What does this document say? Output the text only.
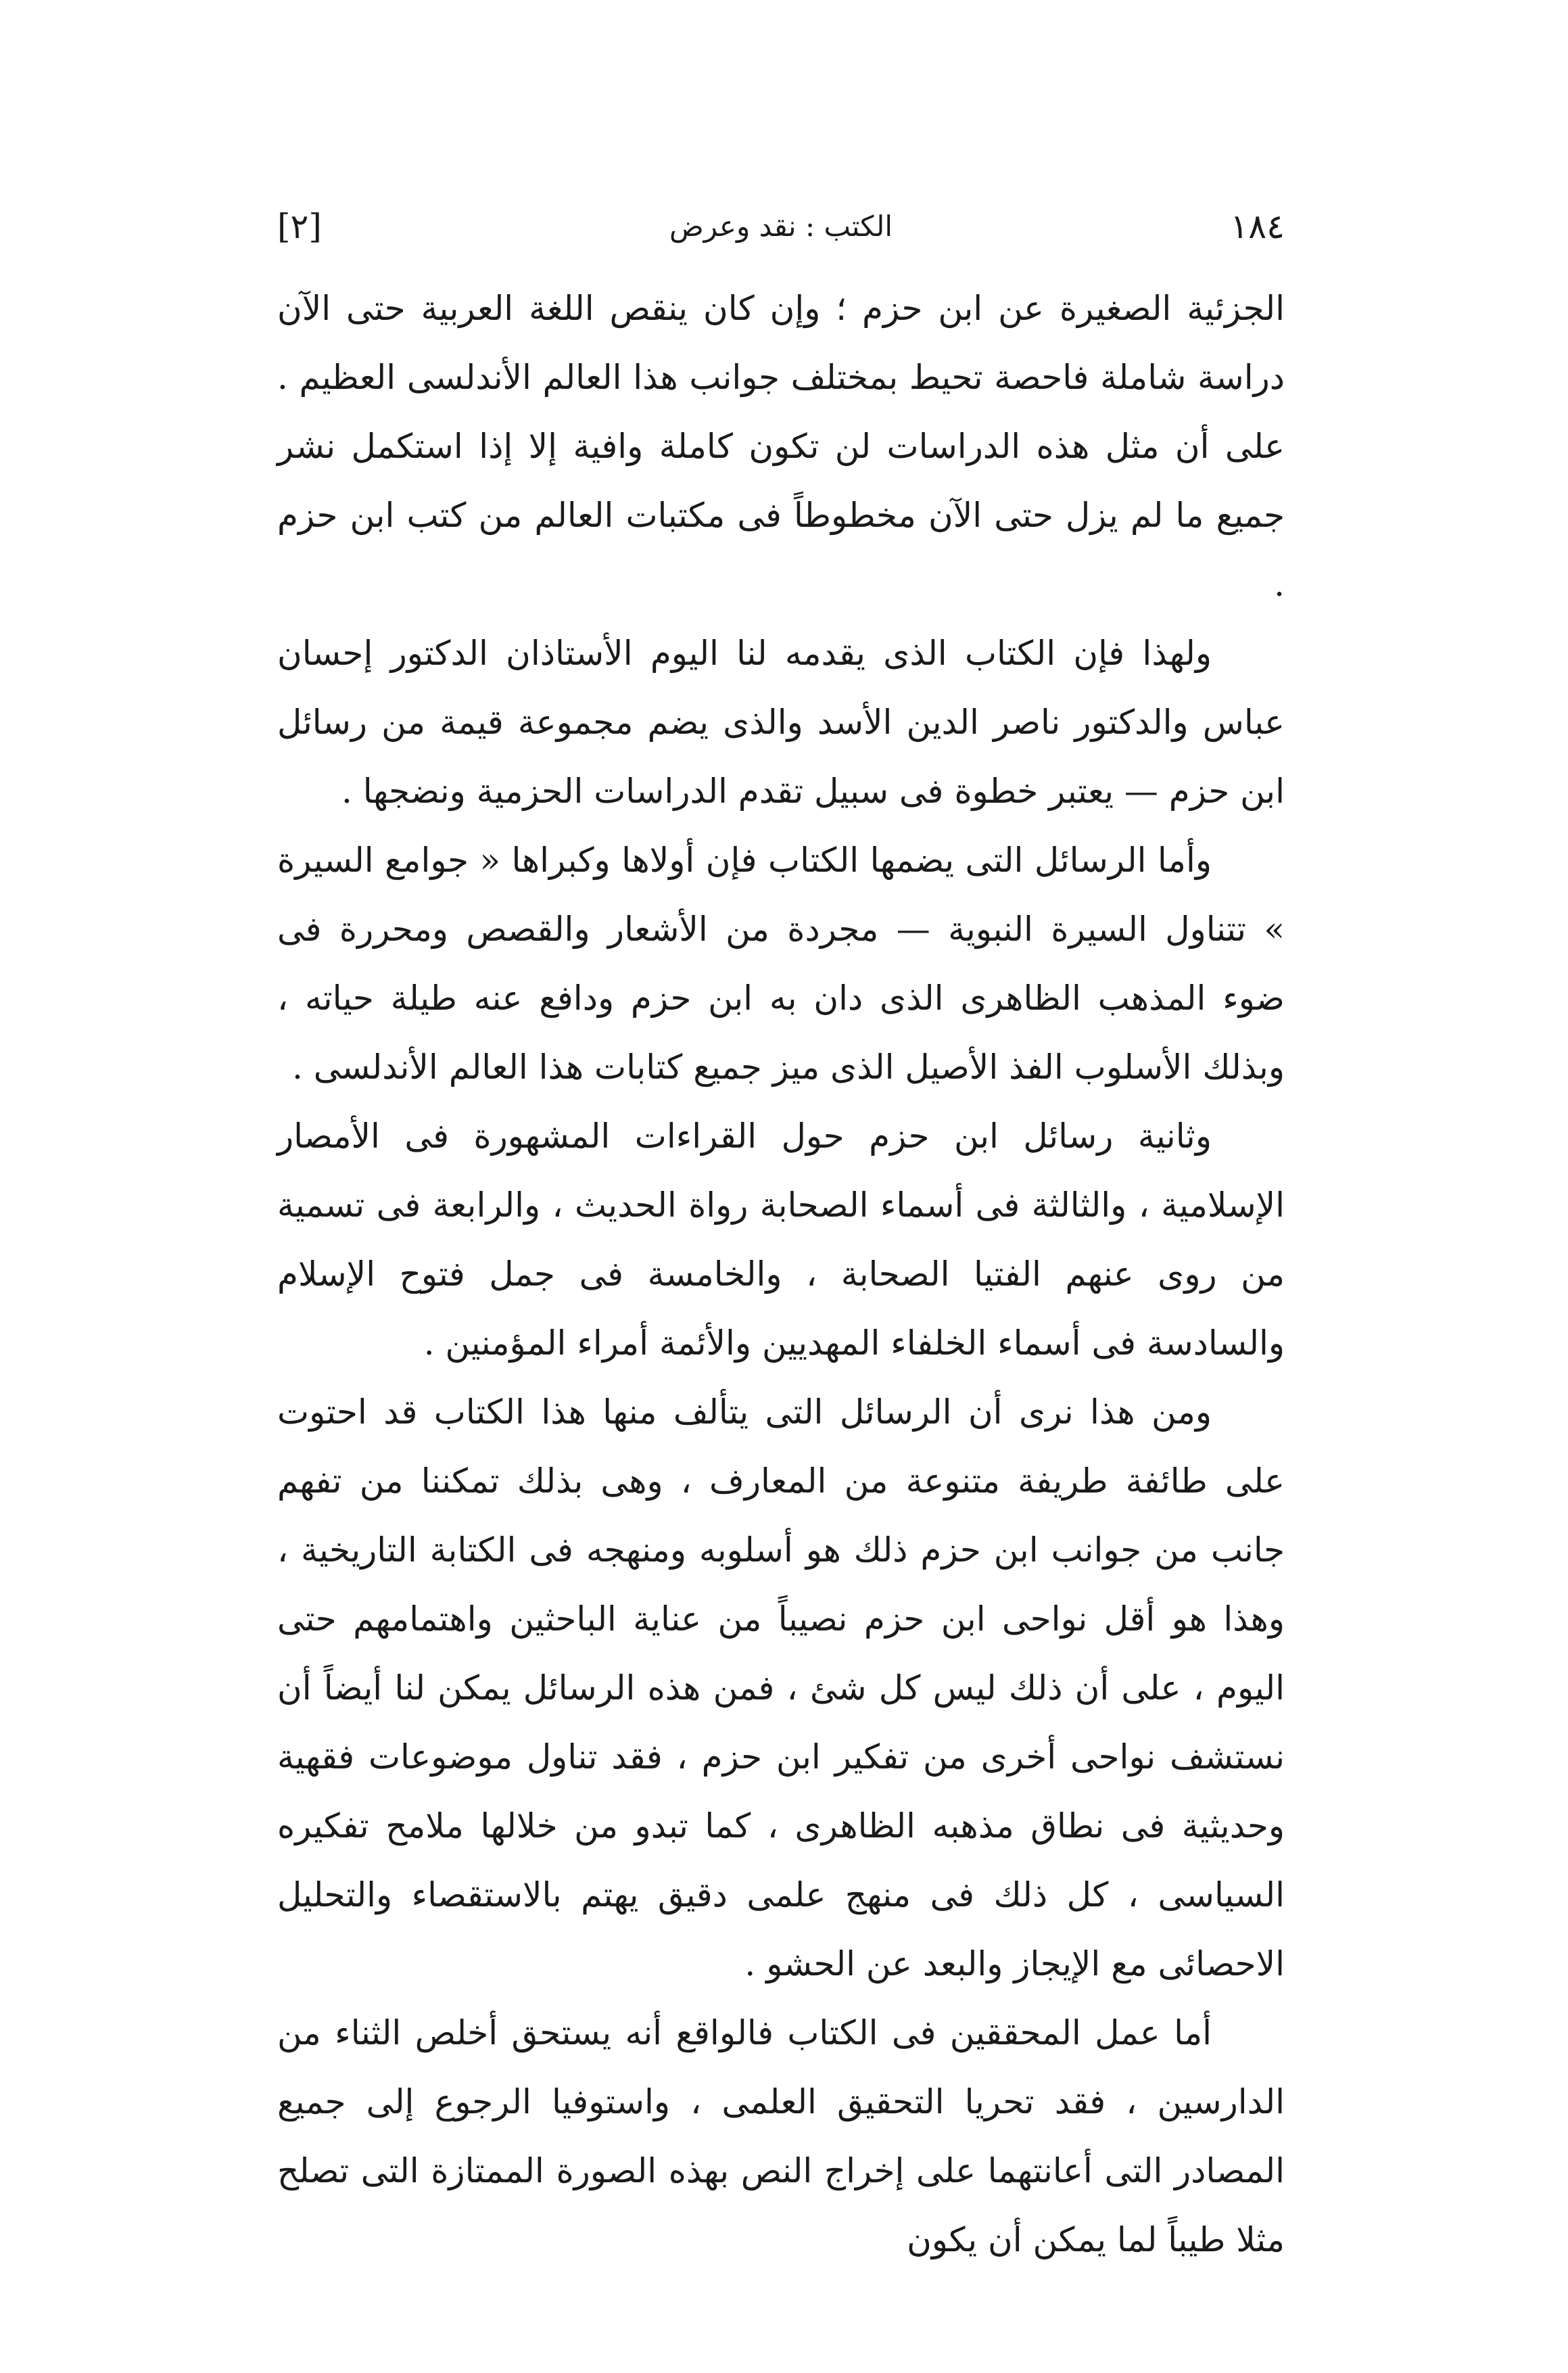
[٢]	الكتب : نقد وعرض	١٨٤

الجزئية الصغيرة عن ابن حزم ؛ وإن كان ينقص اللغة العربية حتى الآن دراسة شاملة فاحصة تحيط بمختلف جوانب هذا العالم الأندلسى العظيم . على أن مثل هذه الدراسات لن تكون كاملة وافية إلا إذا استكمل نشر جميع ما لم يزل حتى الآن مخطوطاً فى مكتبات العالم من كتب ابن حزم .

ولهذا فإن الكتاب الذى يقدمه لنا اليوم الأستاذان الدكتور إحسان عباس والدكتور ناصر الدين الأسد والذى يضم مجموعة قيمة من رسائل ابن حزم — يعتبر خطوة فى سبيل تقدم الدراسات الحزمية ونضجها .

وأما الرسائل التى يضمها الكتاب فإن أولاها وكبراها « جوامع السيرة » تتناول السيرة النبوية — مجردة من الأشعار والقصص ومحررة فى ضوء المذهب الظاهرى الذى دان به ابن حزم ودافع عنه طيلة حياته ، وبذلك الأسلوب الفذ الأصيل الذى ميز جميع كتابات هذا العالم الأندلسى .

وثانية رسائل ابن حزم حول القراءات المشهورة فى الأمصار الإسلامية ، والثالثة فى أسماء الصحابة رواة الحديث ، والرابعة فى تسمية من روى عنهم الفتيا الصحابة ، والخامسة فى جمل فتوح الإسلام والسادسة فى أسماء الخلفاء المهديين والأئمة أمراء المؤمنين .

ومن هذا نرى أن الرسائل التى يتألف منها هذا الكتاب قد احتوت على طائفة طريفة متنوعة من المعارف ، وهى بذلك تمكننا من تفهم جانب من جوانب ابن حزم ذلك هو أسلوبه ومنهجه فى الكتابة التاريخية ، وهذا هو أقل نواحى ابن حزم نصيباً من عناية الباحثين واهتمامهم حتى اليوم ، على أن ذلك ليس كل شئ ، فمن هذه الرسائل يمكن لنا أيضاً أن نستشف نواحى أخرى من تفكير ابن حزم ، فقد تناول موضوعات فقهية وحديثية فى نطاق مذهبه الظاهرى ، كما تبدو من خلالها ملامح تفكيره السياسى ، كل ذلك فى منهج علمى دقيق يهتم بالاستقصاء والتحليل الاحصائى مع الإيجاز والبعد عن الحشو .

أما عمل المحققين فى الكتاب فالواقع أنه يستحق أخلص الثناء من الدارسين ، فقد تحريا التحقيق العلمى ، واستوفيا الرجوع إلى جميع المصادر التى أعانتهما على إخراج النص بهذه الصورة الممتازة التى تصلح مثلا طيباً لما يمكن أن يكون
